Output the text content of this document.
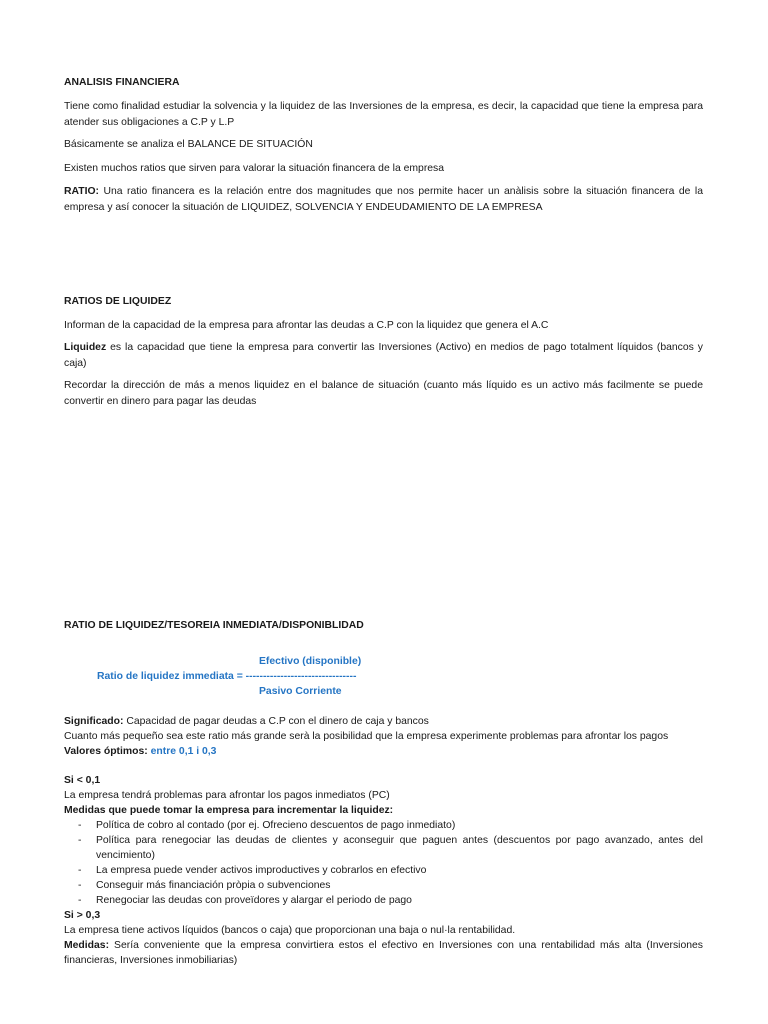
ANALISIS FINANCIERA

Tiene como finalidad estudiar la solvencia y la liquidez de las Inversiones de la empresa, es decir, la capacidad que tiene la empresa para atender sus obligaciones a C.P y L.P

Básicamente se analiza el BALANCE DE SITUACIÓN

Existen muchos ratios que sirven para valorar la situación financera de la empresa

RATIO: Una ratio financera es la relación entre dos magnitudes que nos permite hacer un anàlisis sobre la situación financera de la empresa y así conocer la situación de LIQUIDEZ, SOLVENCIA Y ENDEUDAMIENTO DE LA EMPRESA

RATIOS DE LIQUIDEZ

Informan de la capacidad de la empresa para afrontar las deudas a C.P con la liquidez que genera el A.C

Liquidez es la capacidad que tiene la empresa para convertir las Inversiones (Activo) en medios de pago totalment líquidos (bancos y caja)

Recordar la dirección de más a menos liquidez en el balance de situación (cuanto más líquido es un activo más facilmente se puede convertir en dinero para pagar las deudas

RATIO DE LIQUIDEZ/TESOREIA INMEDIATA/DISPONIBLIDAD

Efectivo (disponible)
Ratio de liquidez immediata = --------------------------------
Pasivo Corriente
Significado: Capacidad de pagar deudas a C.P con el dinero de caja y bancos
Cuanto más pequeño sea este ratio más grande serà la posibilidad que la empresa experimente problemas para afrontar los pagos
Valores óptimos: entre 0,1 i 0,3
Si < 0,1
La empresa tendrá problemas para afrontar los pagos inmediatos (PC)
Medidas que puede tomar la empresa para incrementar la liquidez:
- Política de cobro al contado (por ej. Ofrecieno descuentos de pago inmediato)
- Política para renegociar las deudas de clientes y aconseguir que paguen antes (descuentos por pago avanzado, antes del vencimiento)
- La empresa puede vender activos improductives y cobrarlos en efectivo
- Conseguir más financiación pròpia o subvenciones
- Renegociar las deudas con proveïdores y alargar el periodo de pago
Si > 0,3
La empresa tiene activos líquidos (bancos o caja) que proporcionan una baja o nul·la rentabilidad.
Medidas: Sería conveniente que la empresa convirtiera estos el efectivo en Inversiones con una rentabilidad más alta (Inversiones financieras, Inversiones inmobiliarias)
